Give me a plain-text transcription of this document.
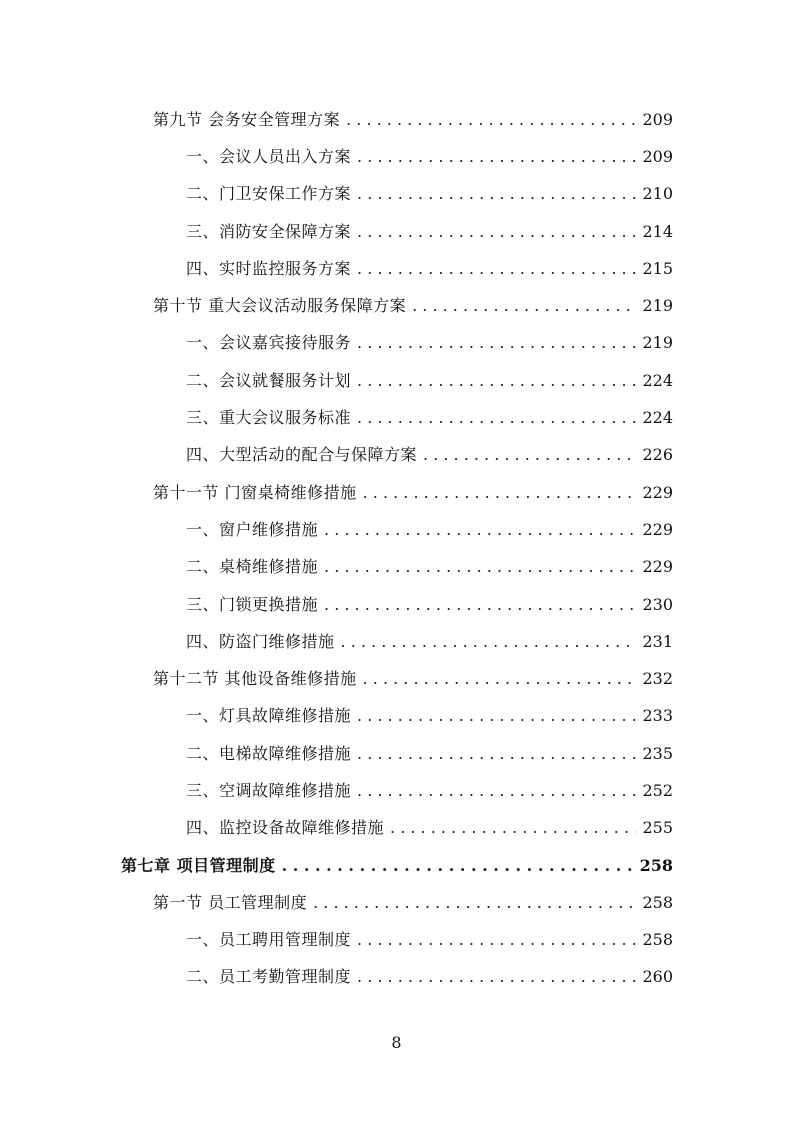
第九节 会务安全管理方案 . . .	209
一、会议人员出入方案 . . .	209
二、门卫安保工作方案 . . .	210
三、消防安全保障方案 . . .	214
四、实时监控服务方案 . . .	215
第十节 重大会议活动服务保障方案 . . .	219
一、会议嘉宾接待服务 . . .	219
二、会议就餐服务计划 . . .	224
三、重大会议服务标准 . . .	224
四、大型活动的配合与保障方案 . . .	226
第十一节 门窗桌椅维修措施 . . .	229
一、窗户维修措施 . . .	229
二、桌椅维修措施 . . .	229
三、门锁更换措施 . . .	230
四、防盗门维修措施 . . .	231
第十二节 其他设备维修措施 . . .	232
一、灯具故障维修措施 . . .	233
二、电梯故障维修措施 . . .	235
三、空调故障维修措施 . . .	252
四、监控设备故障维修措施 . . .	255
第七章 项目管理制度 . . .	258
第一节 员工管理制度 . . .	258
一、员工聘用管理制度 . . .	258
二、员工考勤管理制度 . . .	260
8
